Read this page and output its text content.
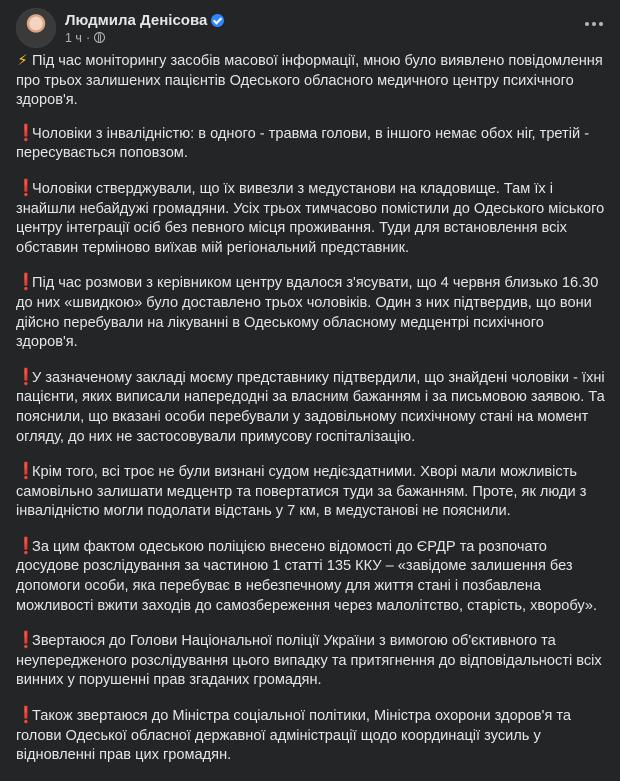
Людмила Денісова
1 ч ·

⚡ Під час моніторингу засобів масової інформації, мною було виявлено повідомлення про трьох залишених пацієнтів Одеського обласного медичного центру психічного здоров'я.

❗Чоловіки з інвалідністю: в одного - травма голови, в іншого немає обох ніг, третій - пересувається поповзом.

❗Чоловіки стверджували, що їх вивезли з медустанови на кладовище. Там їх і знайшли небайдужі громадяни. Усіх трьох тимчасово помістили до Одеського міського центру інтеграції осіб без певного місця проживання. Туди для встановлення всіх обставин терміново виїхав мій регіональний представник.

❗Під час розмови з керівником центру вдалося з'ясувати, що 4 червня близько 16.30 до них «швидкою» було доставлено трьох чоловіків. Один з них підтвердив, що вони дійсно перебували на лікуванні в Одеському обласному медцентрі психічного здоров'я.

❗У зазначеному закладі моєму представнику підтвердили, що знайдені чоловіки - їхні пацієнти, яких виписали напередодні за власним бажанням і за письмовою заявою. Та пояснили, що вказані особи перебували у задовільному психічному стані на момент огляду, до них не застосовували примусову госпіталізацію.

❗Крім того, всі троє не були визнані судом недієздатними. Хворі мали можливість самовільно залишати медцентр та повертатися туди за бажанням. Проте, як люди з інвалідністю могли подолати відстань у 7 км, в медустанові не пояснили.

❗За цим фактом одеською поліцією внесено відомості до ЄРДР та розпочато досудове розслідування за частиною 1 статті 135 ККУ – «завідоме залишення без допомоги особи, яка перебуває в небезпечному для життя стані і позбавлена можливості вжити заходів до самозбереження через малолітство, старість, хворобу».

❗Звертаюся до Голови Національної поліції України з вимогою об'єктивного та неупередженого розслідування цього випадку та притягнення до відповідальності всіх винних у порушенні прав згаданих громадян.

❗Також звертаюся до Міністра соціальної політики, Міністра охорони здоров'я та голови Одеської обласної державної адміністрації щодо координації зусиль у відновленні прав цих громадян.
